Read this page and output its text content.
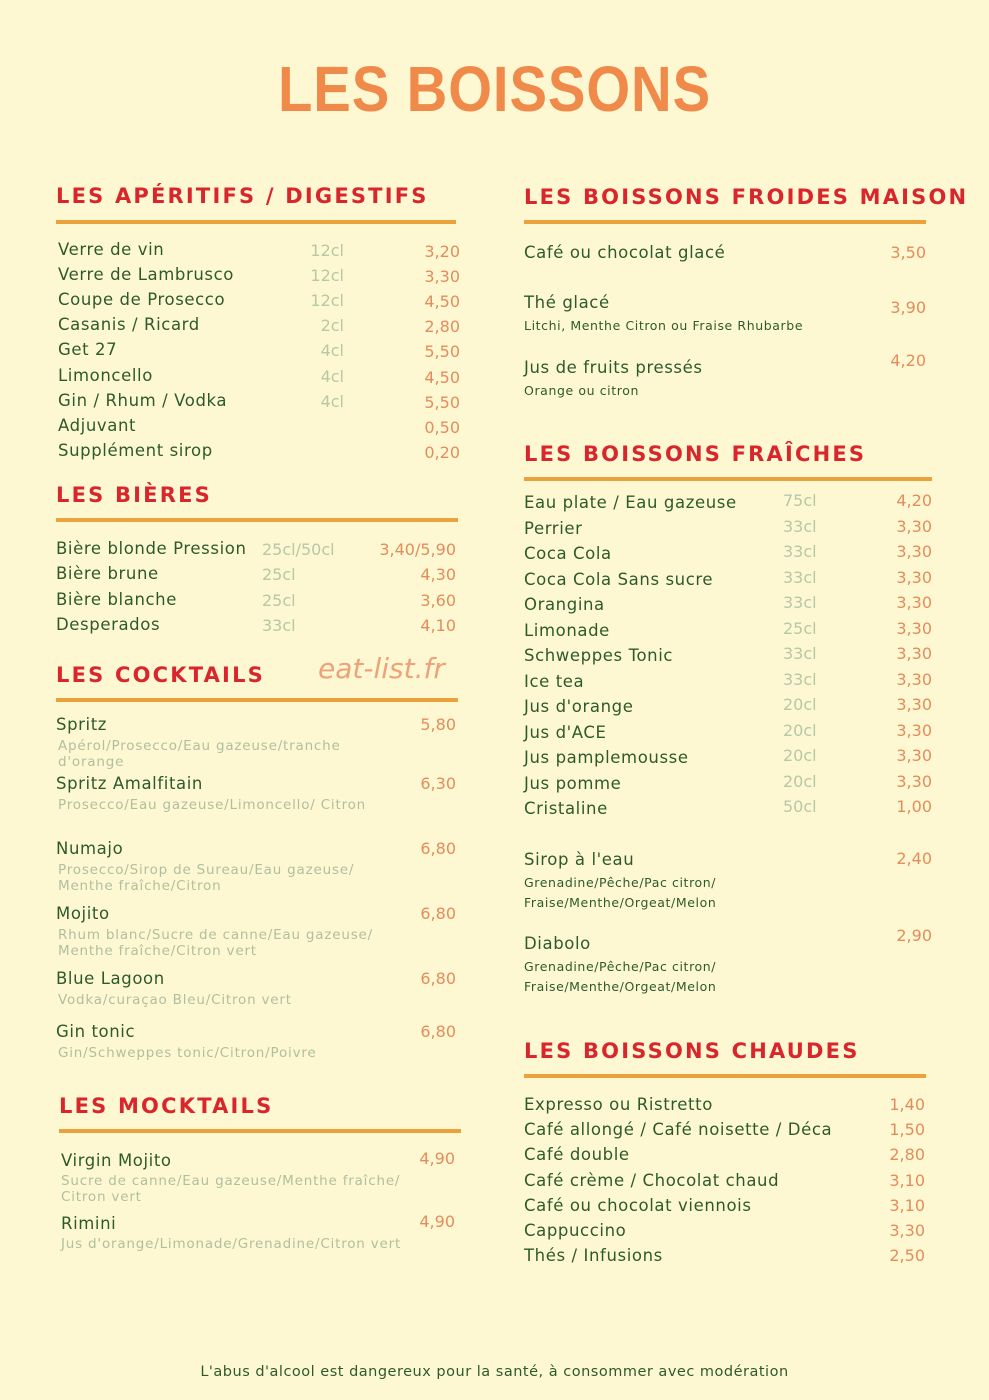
LES BOISSONS
LES APÉRITIFS / DIGESTIFS
Verre de vin	12cl	3,20
Verre de Lambrusco	12cl	3,30
Coupe de Prosecco	12cl	4,50
Casanis / Ricard	2cl	2,80
Get 27	4cl	5,50
Limoncello	4cl	4,50
Gin / Rhum / Vodka	4cl	5,50
Adjuvant	0,50
Supplément sirop	0,20
LES BIÈRES
Bière blonde Pression 25cl/50cl	3,40/5,90
Bière brune	25cl	4,30
Bière blanche	25cl	3,60
Desperados	33cl	4,10
LES COCKTAILS eat-list.fr
Spritz	5,80
Apérol/Prosecco/Eau gazeuse/tranche d'orange
Spritz Amalfitain	6,30
Prosecco/Eau gazeuse/Limoncello/ Citron
Numajo	6,80
Prosecco/Sirop de Sureau/Eau gazeuse/ Menthe fraîche/Citron
Mojito	6,80
Rhum blanc/Sucre de canne/Eau gazeuse/ Menthe fraîche/Citron vert
Blue Lagoon	6,80
Vodka/curaçao Bleu/Citron vert
Gin tonic	6,80
Gin/Schweppes tonic/Citron/Poivre
LES MOCKTAILS
Virgin Mojito	4,90
Sucre de canne/Eau gazeuse/Menthe fraîche/ Citron vert
Rimini	4,90
Jus d'orange/Limonade/Grenadine/Citron vert
LES BOISSONS FROIDES MAISON
Café ou chocolat glacé	3,50
Thé glacé	3,90
Litchi, Menthe Citron ou Fraise Rhubarbe
Jus de fruits pressés	4,20
Orange ou citron
LES BOISSONS FRAÎCHES
Eau plate / Eau gazeuse	75cl	4,20
Perrier	33cl	3,30
Coca Cola	33cl	3,30
Coca Cola Sans sucre	33cl	3,30
Orangina	33cl	3,30
Limonade	25cl	3,30
Schweppes Tonic	33cl	3,30
Ice tea	33cl	3,30
Jus d'orange	20cl	3,30
Jus d'ACE	20cl	3,30
Jus pamplemousse	20cl	3,30
Jus pomme	20cl	3,30
Cristaline	50cl	1,00
Sirop à l'eau	2,40
Grenadine/Pêche/Pac citron/
Fraise/Menthe/Orgeat/Melon
Diabolo	2,90
Grenadine/Pêche/Pac citron/
Fraise/Menthe/Orgeat/Melon
LES BOISSONS CHAUDES
Expresso ou Ristretto	1,40
Café allongé / Café noisette / Déca	1,50
Café double	2,80
Café crème / Chocolat chaud	3,10
Café ou chocolat viennois	3,10
Cappuccino	3,30
Thés / Infusions	2,50
L'abus d'alcool est dangereux pour la santé, à consommer avec modération
